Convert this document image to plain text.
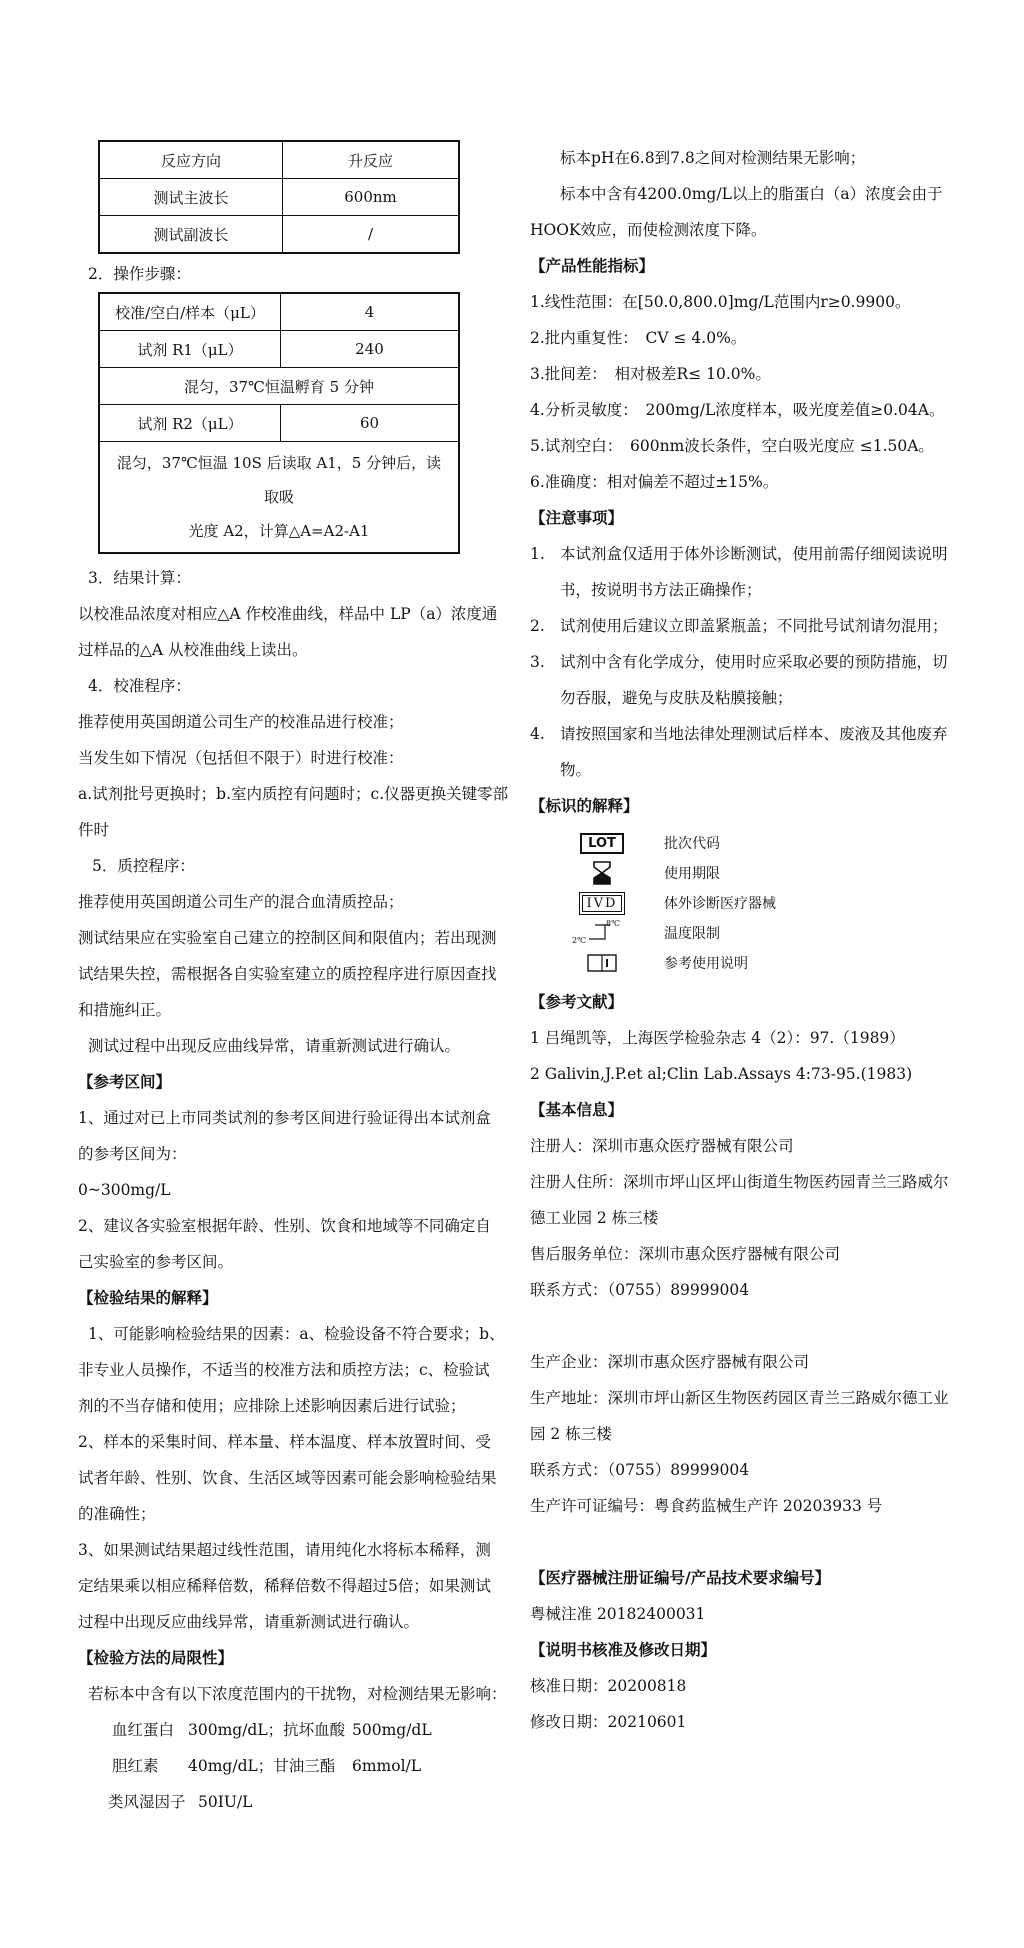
反应方向	升反应
测试主波长	600nm
测试副波长	/
2．操作步骤：
校准/空白/样本（μL）	4
试剂 R1（μL）	240
混匀，37℃恒温孵育 5 分钟	
试剂 R2（μL）	60

混匀，37℃恒温 10S 后读取 A1，5 分钟后，读取吸
光度 A2，计算△A=A2-A1	
3．结果计算：
以校准品浓度对相应△A 作校准曲线，样品中 LP（a）浓度通
过样品的△A 从校准曲线上读出。
4．校准程序：
推荐使用英国朗道公司生产的校准品进行校准；
当发生如下情况（包括但不限于）时进行校准：
a.试剂批号更换时；b.室内质控有问题时；c.仪器更换关键零部
件时
5．质控程序：
推荐使用英国朗道公司生产的混合血清质控品；
测试结果应在实验室自己建立的控制区间和限值内；若出现测
试结果失控，需根据各自实验室建立的质控程序进行原因查找
和措施纠正。
测试过程中出现反应曲线异常，请重新测试进行确认。
【参考区间】
1、通过对已上市同类试剂的参考区间进行验证得出本试剂盒
的参考区间为：
0~300mg/L
2、建议各实验室根据年龄、性别、饮食和地域等不同确定自
己实验室的参考区间。
【检验结果的解释】
1、可能影响检验结果的因素：a、检验设备不符合要求；b、
非专业人员操作，不适当的校准方法和质控方法；c、检验试
剂的不当存储和使用；应排除上述影响因素后进行试验；
2、样本的采集时间、样本量、样本温度、样本放置时间、受
试者年龄、性别、饮食、生活区域等因素可能会影响检验结果
的准确性；
3、如果测试结果超过线性范围，请用纯化水将标本稀释，测
定结果乘以相应稀释倍数，稀释倍数不得超过5倍；如果测试
过程中出现反应曲线异常，请重新测试进行确认。
【检验方法的局限性】
若标本中含有以下浓度范围内的干扰物，对检测结果无影响：
血红蛋白 300mg/dL；抗坏血酸 500mg/dL
胆红素 40mg/dL；甘油三酯 6mmol/L
类风湿因子 50IU/L
标本pH在6.8到7.8之间对检测结果无影响；
标本中含有4200.0mg/L以上的脂蛋白（a）浓度会由于
HOOK效应，而使检测浓度下降。
【产品性能指标】
1.线性范围：在[50.0,800.0]mg/L范围内r≥0.9900。
2.批内重复性：　CV ≤ 4.0%。
3.批间差：　相对极差R≤ 10.0%。
4.分析灵敏度：　200mg/L浓度样本，吸光度差值≥0.04A。
5.试剂空白：　600nm波长条件，空白吸光度应 ≤1.50A。
6.准确度：相对偏差不超过±15%。
【注意事项】
1. 本试剂盒仅适用于体外诊断测试，使用前需仔细阅读说明书，按说明书方法正确操作；
2. 试剂使用后建议立即盖紧瓶盖；不同批号试剂请勿混用；
3. 试剂中含有化学成分，使用时应采取必要的预防措施，切勿吞服，避免与皮肤及粘膜接触；
4. 请按照国家和当地法律处理测试后样本、废液及其他废弃物。
【标识的解释】
LOT	批次代码
使用期限
IVD	体外诊断医疗器械
8℃
2℃	温度限制
参考使用说明
【参考文献】
1 吕绳凯等，上海医学检验杂志 4（2）：97.（1989）
2 Galivin,J.P.et al;Clin Lab.Assays 4:73-95.(1983)
【基本信息】
注册人：深圳市惠众医疗器械有限公司
注册人住所：深圳市坪山区坪山街道生物医药园青兰三路威尔
德工业园 2 栋三楼
售后服务单位：深圳市惠众医疗器械有限公司
联系方式：（0755）89999004
生产企业：深圳市惠众医疗器械有限公司
生产地址：深圳市坪山新区生物医药园区青兰三路威尔德工业
园 2 栋三楼
联系方式：（0755）89999004
生产许可证编号：粤食药监械生产许 20203933 号
【医疗器械注册证编号/产品技术要求编号】
粤械注准 20182400031
【说明书核准及修改日期】
核准日期：20200818
修改日期：20210601
